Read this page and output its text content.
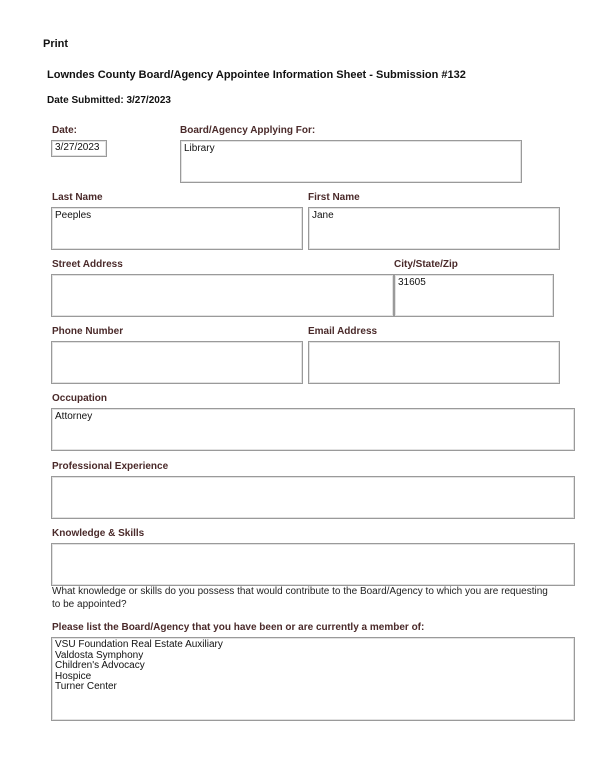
Print
Lowndes County Board/Agency Appointee Information Sheet - Submission #132
Date Submitted: 3/27/2023
Date:
3/27/2023
Board/Agency Applying For:
Library
Last Name
Peeples
First Name
Jane
Street Address	City/State/Zip
31605
Phone Number	Email Address
Occupation
Attorney
Professional Experience
Knowledge & Skills
What knowledge or skills do you possess that would contribute to the Board/Agency to which you are requesting to be appointed?
Please list the Board/Agency that you have been or are currently a member of:
VSU Foundation Real Estate Auxiliary
Valdosta Symphony
Children's Advocacy
Hospice
Turner Center
